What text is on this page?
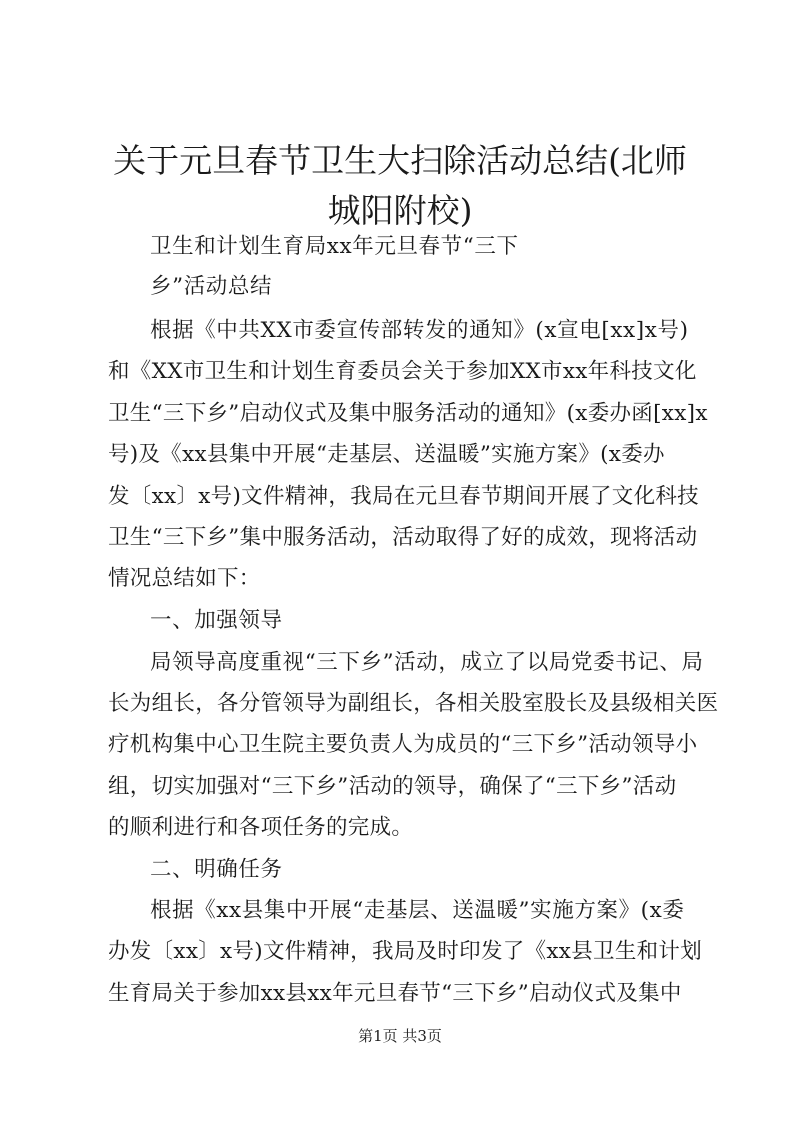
关于元旦春节卫生大扫除活动总结(北师城阳附校)
卫生和计划生育局xx年元旦春节“三下
乡”活动总结
根据《中共XX市委宣传部转发的通知》(x宣电[xx]x号)
和《XX市卫生和计划生育委员会关于参加XX市xx年科技文化
卫生“三下乡”启动仪式及集中服务活动的通知》(x委办函[xx]x
号)及《xx县集中开展“走基层、送温暖”实施方案》(x委办
发〔xx〕x号)文件精神，我局在元旦春节期间开展了文化科技
卫生“三下乡”集中服务活动，活动取得了好的成效，现将活动
情况总结如下：
一、加强领导
局领导高度重视“三下乡”活动，成立了以局党委书记、局
长为组长，各分管领导为副组长，各相关股室股长及县级相关医
疗机构集中心卫生院主要负责人为成员的“三下乡”活动领导小
组，切实加强对“三下乡”活动的领导，确保了“三下乡”活动
的顺利进行和各项任务的完成。
二、明确任务
根据《xx县集中开展“走基层、送温暖”实施方案》(x委
办发〔xx〕x号)文件精神，我局及时印发了《xx县卫生和计划
生育局关于参加xx县xx年元旦春节“三下乡”启动仪式及集中
第1页 共3页
